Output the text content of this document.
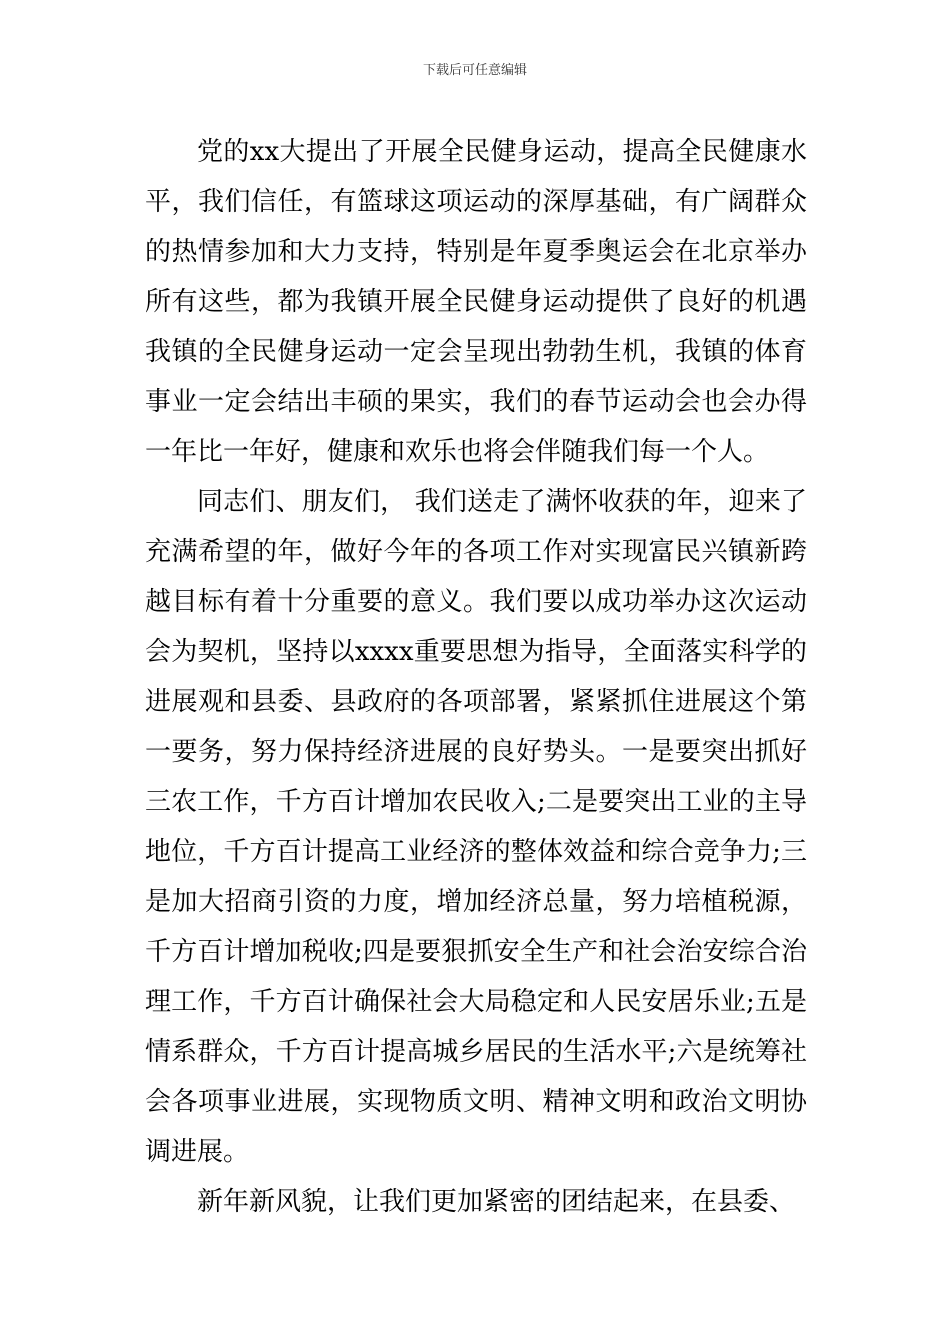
下载后可任意编辑

党的xx大提出了开展全民健身运动，提高全民健康水平，我们信任，有篮球这项运动的深厚基础，有广阔群众的热情参加和大力支持，特别是年夏季奥运会在北京举办所有这些，都为我镇开展全民健身运动提供了良好的机遇我镇的全民健身运动一定会呈现出勃勃生机，我镇的体育事业一定会结出丰硕的果实，我们的春节运动会也会办得一年比一年好，健康和欢乐也将会伴随我们每一个人。

同志们、朋友们， 我们送走了满怀收获的年，迎来了充满希望的年，做好今年的各项工作对实现富民兴镇新跨越目标有着十分重要的意义。我们要以成功举办这次运动会为契机，坚持以xxxx重要思想为指导，全面落实科学的进展观和县委、县政府的各项部署，紧紧抓住进展这个第一要务，努力保持经济进展的良好势头。一是要突出抓好三农工作，千方百计增加农民收入;二是要突出工业的主导地位，千方百计提高工业经济的整体效益和综合竞争力;三是加大招商引资的力度，增加经济总量，努力培植税源，千方百计增加税收;四是要狠抓安全生产和社会治安综合治理工作，千方百计确保社会大局稳定和人民安居乐业;五是情系群众，千方百计提高城乡居民的生活水平;六是统筹社会各项事业进展，实现物质文明、精神文明和政治文明协调进展。

新年新风貌，让我们更加紧密的团结起来，在县委、
